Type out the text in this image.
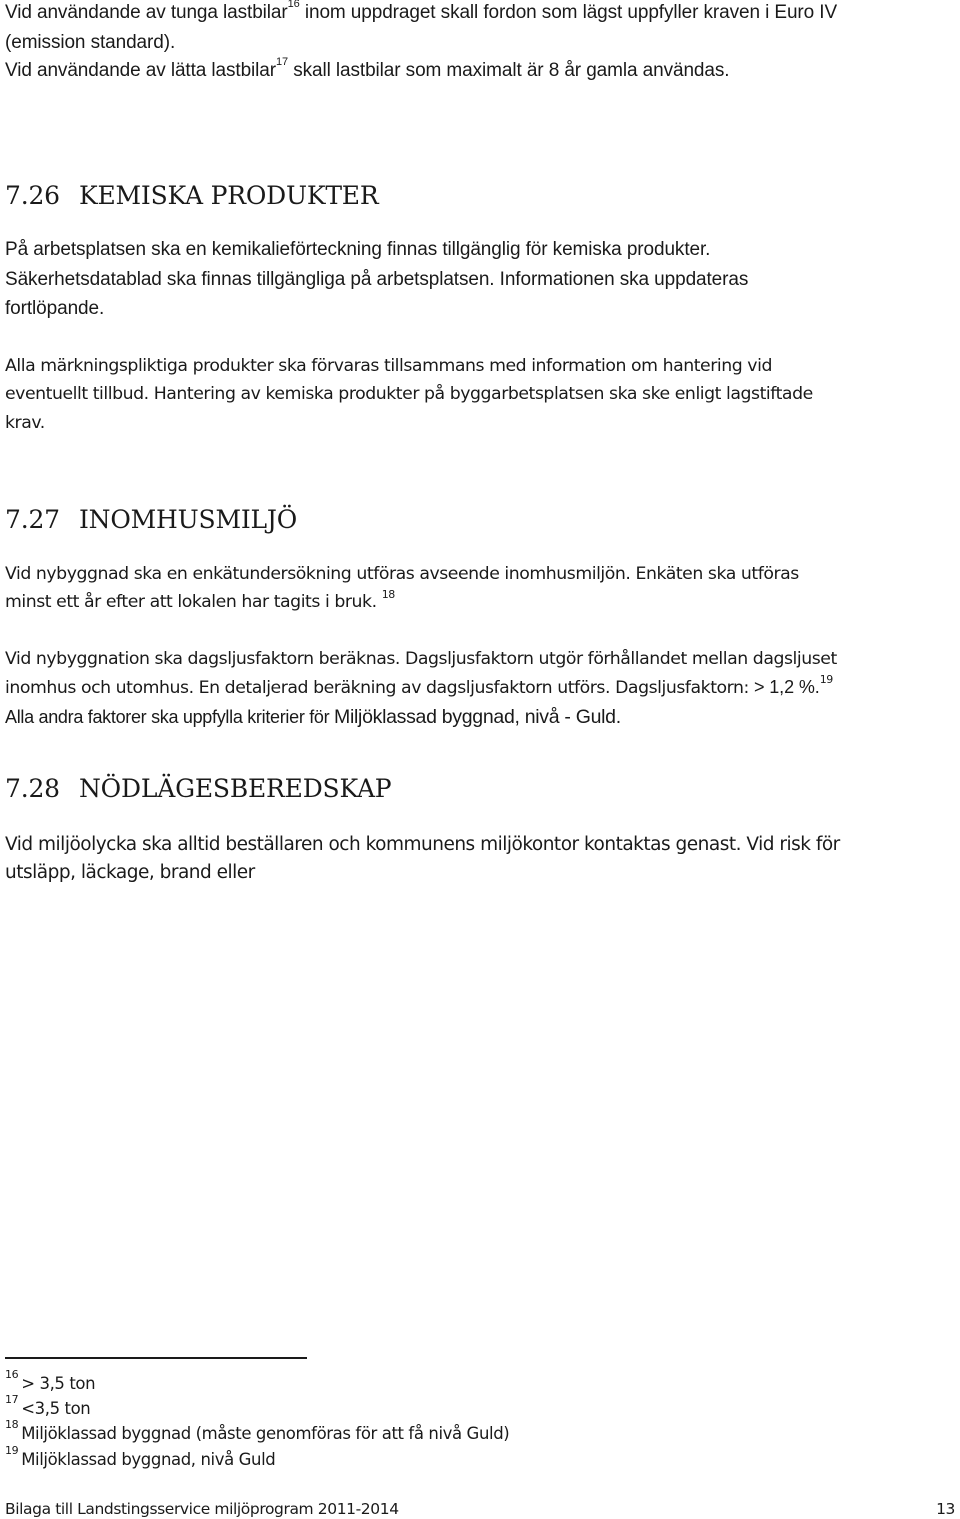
Vid användande av tunga lastbilar$^{16}$ inom uppdraget skall fordon som lägst uppfyller kraven i Euro IV
(emission standard).
Vid användande av lätta lastbilar$^{17}$ skall lastbilar som maximalt är 8 år gamla användas.
7.26 KEMISKA PRODUKTER
På arbetsplatsen ska en kemikalieförteckning finnas tillgänglig för kemiska produkter.
Säkerhetsdatablad ska finnas tillgängliga på arbetsplatsen. Informationen ska uppdateras
fortlöpande.
Alla märkningspliktiga produkter ska förvaras tillsammans med information om hantering vid
eventuellt tillbud. Hantering av kemiska produkter på byggarbetsplatsen ska ske enligt lagstiftade
krav.
7.27 INOMHUSMILJÖ
Vid nybyggnad ska en enkätundersökning utföras avseende inomhusmiljön. Enkäten ska utföras
minst ett år efter att lokalen har tagits i bruk. $^{18}$
Vid nybyggnation ska dagsljusfaktorn beräknas. Dagsljusfaktorn utgör förhållandet mellan dagsljuset
inomhus och utomhus. En detaljerad beräkning av dagsljusfaktorn utförs. Dagsljusfaktorn: > 1,2 %.$^{19}$
Alla andra faktorer ska uppfylla kriterier för Miljöklassad byggnad, nivå - Guld.
7.28 NÖDLÄGESBEREDSKAP
Vid miljöolycka ska alltid beställaren och kommunens miljökontor kontaktas genast. Vid risk för
utsläpp, läckage, brand eller
$^{16}$ > 3,5 ton
$^{17}$ <3,5 ton
$^{18}$ Miljöklassad byggnad (måste genomföras för att få nivå Guld)
$^{19}$ Miljöklassad byggnad, nivå Guld
Bilaga till Landstingsservice miljöprogram 2011-2014	13
